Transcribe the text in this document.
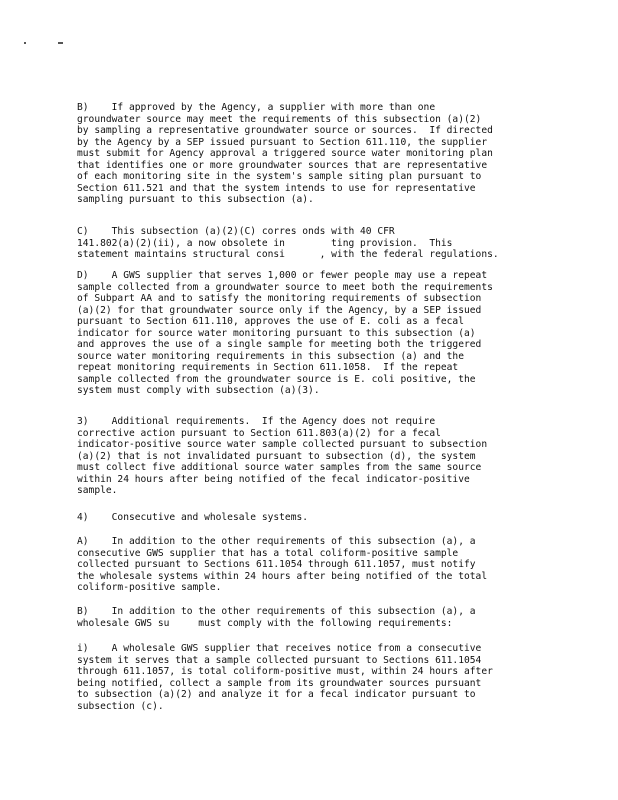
B)    If approved by the Agency, a supplier with more than one
groundwater source may meet the requirements of this subsection (a)(2)
by sampling a representative groundwater source or sources.  If directed
by the Agency by a SEP issued pursuant to Section 611.110, the supplier
must submit for Agency approval a triggered source water monitoring plan
that identifies one or more groundwater sources that are representative
of each monitoring site in the system's sample siting plan pursuant to
Section 611.521 and that the system intends to use for representative
sampling pursuant to this subsection (a).
C)    This subsection (a)(2)(C) corres onds with 40 CFR
141.802(a)(2)(ii), a now obsolete in        ting provision.  This
statement maintains structural consi      , with the federal regulations.
D)    A GWS supplier that serves 1,000 or fewer people may use a repeat
sample collected from a groundwater source to meet both the requirements
of Subpart AA and to satisfy the monitoring requirements of subsection
(a)(2) for that groundwater source only if the Agency, by a SEP issued
pursuant to Section 611.110, approves the use of E. coli as a fecal
indicator for source water monitoring pursuant to this subsection (a)
and approves the use of a single sample for meeting both the triggered
source water monitoring requirements in this subsection (a) and the
repeat monitoring requirements in Section 611.1058.  If the repeat
sample collected from the groundwater source is E. coli positive, the
system must comply with subsection (a)(3).
3)    Additional requirements.  If the Agency does not require
corrective action pursuant to Section 611.803(a)(2) for a fecal
indicator-positive source water sample collected pursuant to subsection
(a)(2) that is not invalidated pursuant to subsection (d), the system
must collect five additional source water samples from the same source
within 24 hours after being notified of the fecal indicator-positive
sample.
4)    Consecutive and wholesale systems.
A)    In addition to the other requirements of this subsection (a), a
consecutive GWS supplier that has a total coliform-positive sample
collected pursuant to Sections 611.1054 through 611.1057, must notify
the wholesale systems within 24 hours after being notified of the total
coliform-positive sample.
B)    In addition to the other requirements of this subsection (a), a
wholesale GWS su     must comply with the following requirements:
i)    A wholesale GWS supplier that receives notice from a consecutive
system it serves that a sample collected pursuant to Sections 611.1054
through 611.1057, is total coliform-positive must, within 24 hours after
being notified, collect a sample from its groundwater sources pursuant
to subsection (a)(2) and analyze it for a fecal indicator pursuant to
subsection (c).
